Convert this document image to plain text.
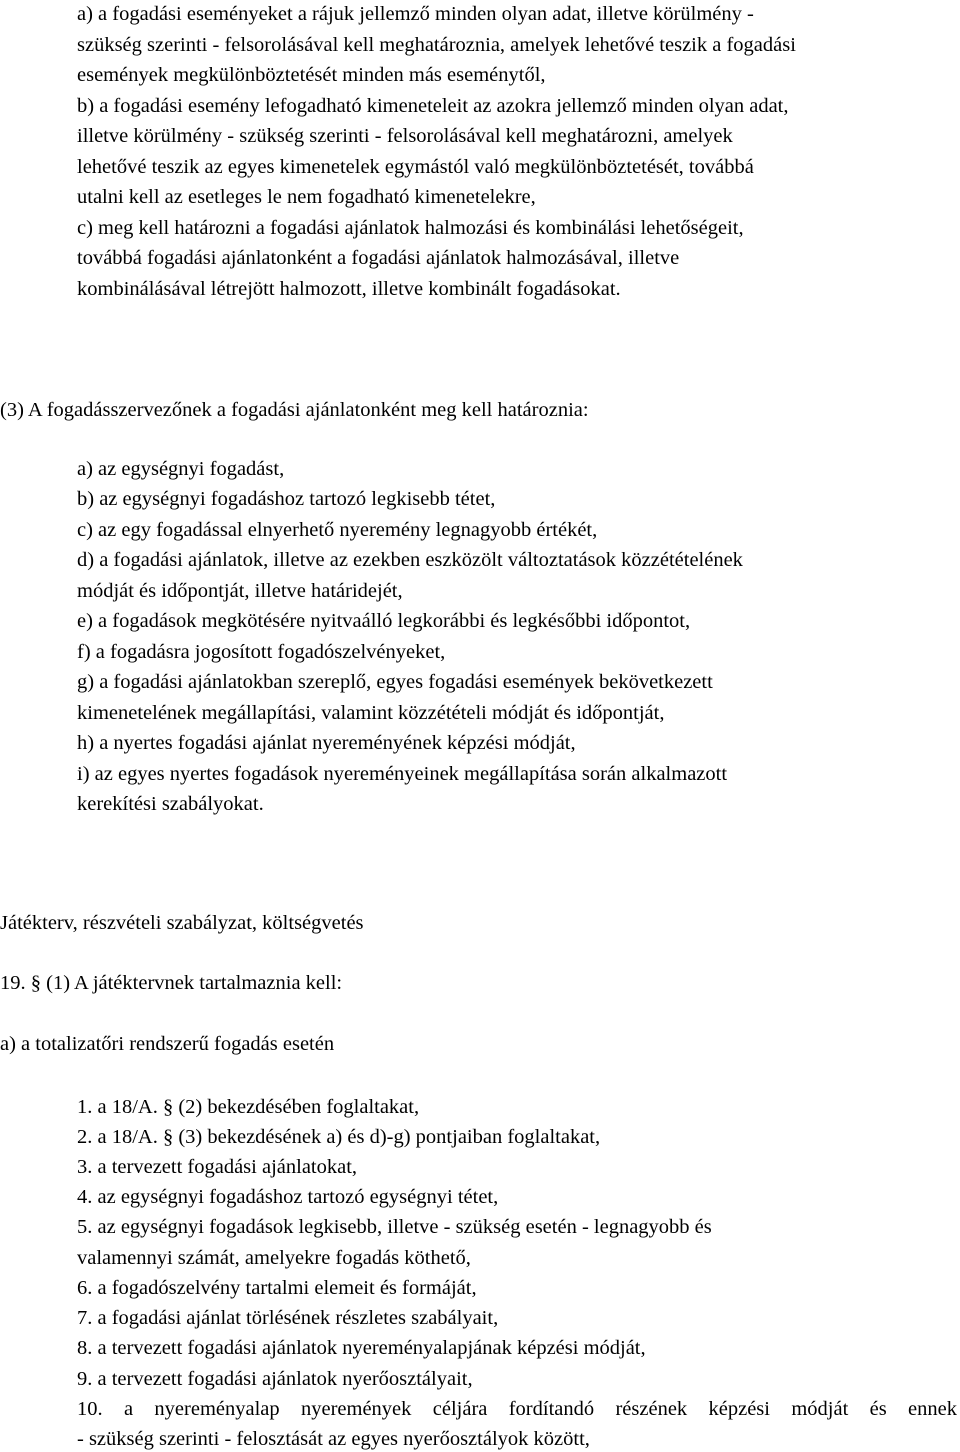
a) a fogadási eseményeket a rájuk jellemző minden olyan adat, illetve körülmény -
szükség szerinti - felsorolásával kell meghatároznia, amelyek lehetővé teszik a fogadási
események megkülönböztetését minden más eseménytől,
b) a fogadási esemény lefogadható kimeneteleit az azokra jellemző minden olyan adat,
illetve körülmény - szükség szerinti - felsorolásával kell meghatározni, amelyek
lehetővé teszik az egyes kimenetelek egymástól való megkülönböztetését, továbbá
utalni kell az esetleges le nem fogadható kimenetelekre,
c) meg kell határozni a fogadási ajánlatok halmozási és kombinálási lehetőségeit,
továbbá fogadási ajánlatonként a fogadási ajánlatok halmozásával, illetve
kombinálásával létrejött halmozott, illetve kombinált fogadásokat.
(3) A fogadásszervezőnek a fogadási ajánlatonként meg kell határoznia:
a) az egységnyi fogadást,
b) az egységnyi fogadáshoz tartozó legkisebb tétet,
c) az egy fogadással elnyerhető nyeremény legnagyobb értékét,
d) a fogadási ajánlatok, illetve az ezekben eszközölt változtatások közzétételének
módját és időpontját, illetve határidejét,
e) a fogadások megkötésére nyitvaálló legkorábbi és legkésőbbi időpontot,
f) a fogadásra jogosított fogadószelvényeket,
g) a fogadási ajánlatokban szereplő, egyes fogadási események bekövetkezett
kimenetelének megállapítási, valamint közzétételi módját és időpontját,
h) a nyertes fogadási ajánlat nyereményének képzési módját,
i) az egyes nyertes fogadások nyereményeinek megállapítása során alkalmazott
kerekítési szabályokat.
Játékterv, részvételi szabályzat, költségvetés
19. § (1) A játéktervnek tartalmaznia kell:
a) a totalizatőri rendszerű fogadás esetén
1. a 18/A. § (2) bekezdésében foglaltakat,
2. a 18/A. § (3) bekezdésének a) és d)-g) pontjaiban foglaltakat,
3. a tervezett fogadási ajánlatokat,
4. az egységnyi fogadáshoz tartozó egységnyi tétet,
5. az egységnyi fogadások legkisebb, illetve - szükség esetén - legnagyobb és
valamennyi számát, amelyekre fogadás köthető,
6. a fogadószelvény tartalmi elemeit és formáját,
7. a fogadási ajánlat törlésének részletes szabályait,
8. a tervezett fogadási ajánlatok nyereményalapjának képzési módját,
9. a tervezett fogadási ajánlatok nyerőosztályait,
10. a nyereményalap nyeremények céljára fordítandó részének képzési módját és ennek
- szükség szerinti - felosztását az egyes nyerőosztályok között,
